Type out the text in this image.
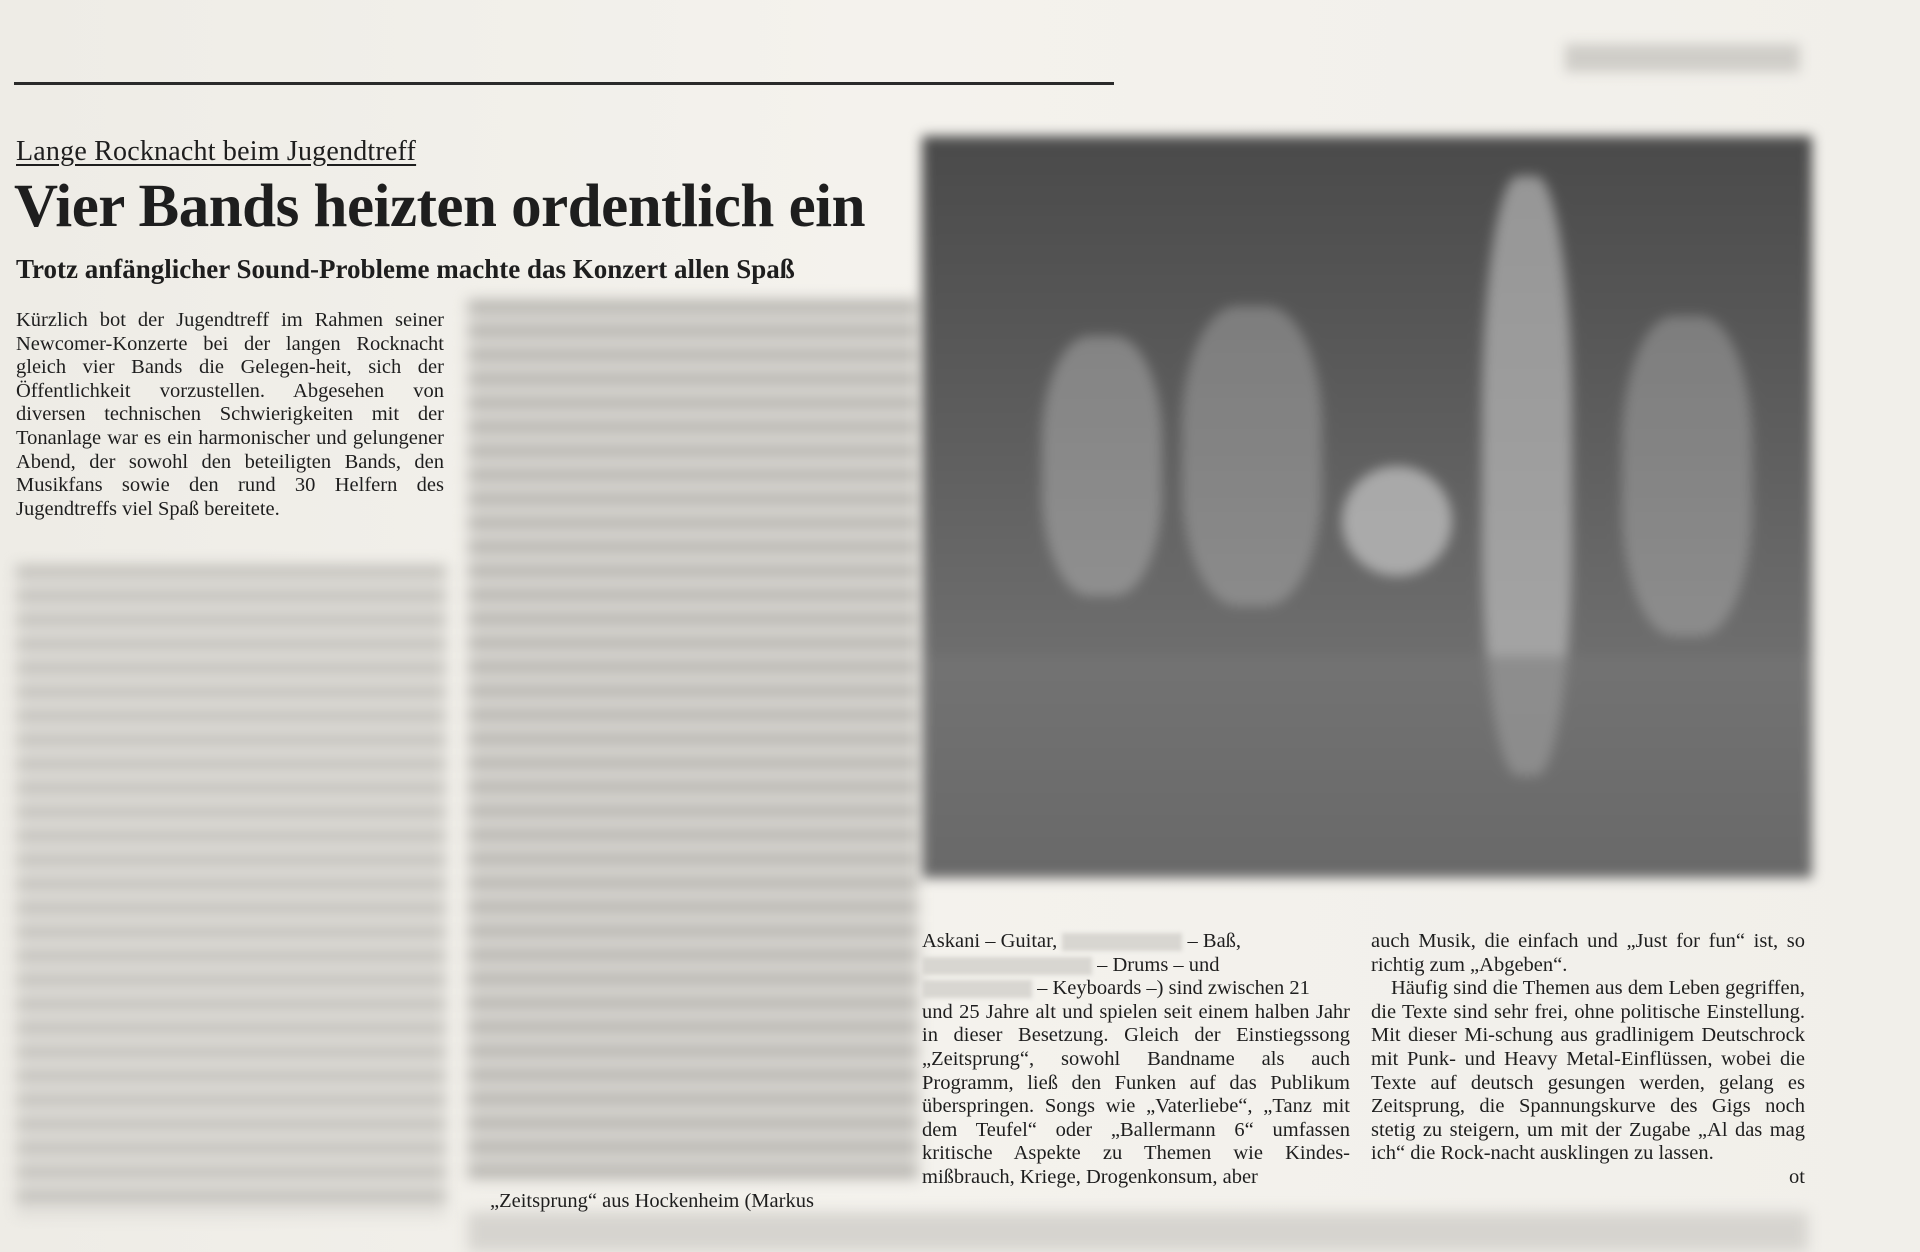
Lange Rocknacht beim Jugendtreff
Vier Bands heizten ordentlich ein
Trotz anfänglicher Sound-Probleme machte das Konzert allen Spaß
Kürzlich bot der Jugendtreff im Rahmen seiner Newcomer-Konzerte bei der langen Rocknacht gleich vier Bands die Gelegen-heit, sich der Öffentlichkeit vorzustellen. Abgesehen von diversen technischen Schwierigkeiten mit der Tonanlage war es ein harmonischer und gelungener Abend, der sowohl den beteiligten Bands, den Musikfans sowie den rund 30 Helfern des Jugendtreffs viel Spaß bereitete.
„Zeitsprung“ aus Hockenheim (Markus
Askani – Guitar,	– Baß,
– Drums – und
– Keyboards –) sind zwischen 21
und 25 Jahre alt und spielen seit einem halben Jahr in dieser Besetzung. Gleich der Einstiegssong „Zeitsprung“, sowohl Bandname als auch Programm, ließ den Funken auf das Publikum überspringen. Songs wie „Vaterliebe“, „Tanz mit dem Teufel“ oder „Ballermann 6“ umfassen kritische Aspekte zu Themen wie Kindes-mißbrauch, Kriege, Drogenkonsum, aber
auch Musik, die einfach und „Just for fun“ ist, so richtig zum „Abgeben“.
Häufig sind die Themen aus dem Leben gegriffen, die Texte sind sehr frei, ohne politische Einstellung. Mit dieser Mi-schung aus gradlinigem Deutschrock mit Punk- und Heavy Metal-Einflüssen, wobei die Texte auf deutsch gesungen werden, gelang es Zeitsprung, die Spannungskurve des Gigs noch stetig zu steigern, um mit der Zugabe „Al das mag ich“ die Rock-nacht ausklingen zu lassen.
ot
